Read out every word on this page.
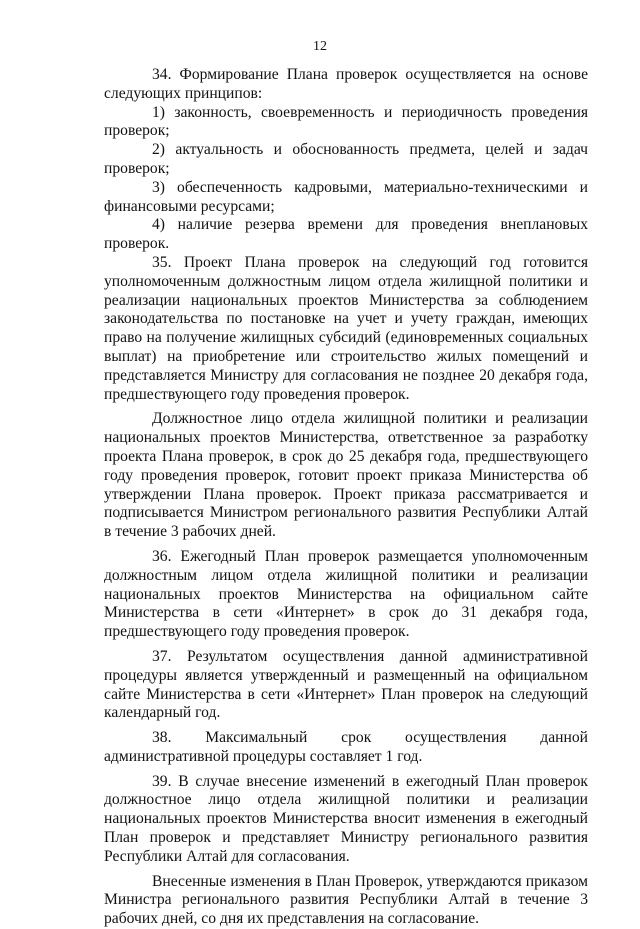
12

34. Формирование Плана проверок осуществляется на основе следующих принципов:

1) законность, своевременность и периодичность проведения проверок;

2) актуальность и обоснованность предмета, целей и задач проверок;

3) обеспеченность кадровыми, материально-техническими и финансовыми ресурсами;

4) наличие резерва времени для проведения внеплановых проверок.

35. Проект Плана проверок на следующий год готовится уполномоченным должностным лицом отдела жилищной политики и реализации национальных проектов Министерства за соблюдением законодательства по постановке на учет и учету граждан, имеющих право на получение жилищных субсидий (единовременных социальных выплат) на приобретение или строительство жилых помещений и представляется Министру для согласования не позднее 20 декабря года, предшествующего году проведения проверок.

Должностное лицо отдела жилищной политики и реализации национальных проектов Министерства, ответственное за разработку проекта Плана проверок, в срок до 25 декабря года, предшествующего году проведения проверок, готовит проект приказа Министерства об утверждении Плана проверок. Проект приказа рассматривается и подписывается Министром регионального развития Республики Алтай в течение 3 рабочих дней.

36. Ежегодный План проверок размещается уполномоченным должностным лицом отдела жилищной политики и реализации национальных проектов Министерства на официальном сайте Министерства в сети «Интернет» в срок до 31 декабря года, предшествующего году проведения проверок.

37. Результатом осуществления данной административной процедуры является утвержденный и размещенный на официальном сайте Министерства в сети «Интернет» План проверок на следующий календарный год.

38. Максимальный срок осуществления данной административной процедуры составляет 1 год.

39. В случае внесение изменений в ежегодный План проверок должностное лицо отдела жилищной политики и реализации национальных проектов Министерства вносит изменения в ежегодный План проверок и представляет Министру регионального развития Республики Алтай для согласования.

Внесенные изменения в План Проверок, утверждаются приказом Министра регионального развития Республики Алтай в течение 3 рабочих дней, со дня их представления на согласование.
